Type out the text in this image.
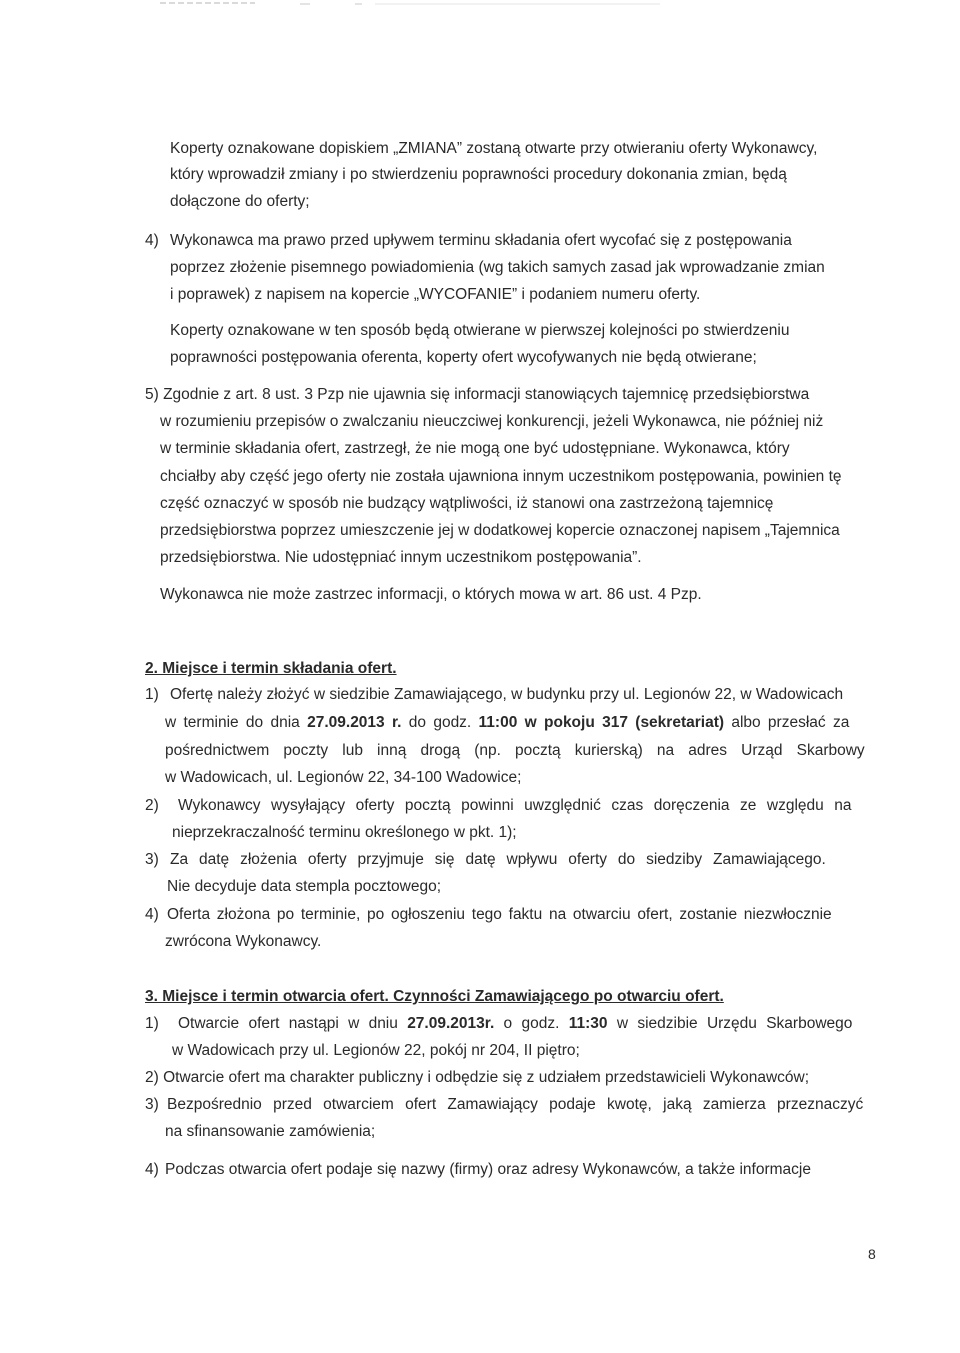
Koperty oznakowane dopiskiem „ZMIANA” zostaną otwarte przy otwieraniu oferty Wykonawcy,
który wprowadził zmiany i po stwierdzeniu poprawności procedury dokonania zmian, będą
dołączone do oferty;
4) Wykonawca ma prawo przed upływem terminu składania ofert wycofać się z postępowania
poprzez złożenie pisemnego powiadomienia (wg takich samych zasad jak wprowadzanie zmian
i poprawek) z napisem na kopercie „WYCOFANIE” i podaniem numeru oferty.
Koperty oznakowane w ten sposób będą otwierane w pierwszej kolejności po stwierdzeniu
poprawności postępowania oferenta, koperty ofert wycofywanych nie będą otwierane;
5) Zgodnie z art. 8 ust. 3 Pzp nie ujawnia się informacji stanowiących tajemnicę przedsiębiorstwa
w rozumieniu przepisów o zwalczaniu nieuczciwej konkurencji, jeżeli Wykonawca, nie później niż
w terminie składania ofert, zastrzegł, że nie mogą one być udostępniane. Wykonawca, który
chciałby aby część jego oferty nie została ujawniona innym uczestnikom postępowania, powinien tę
część oznaczyć w sposób nie budzący wątpliwości, iż stanowi ona zastrzeżoną tajemnicę
przedsiębiorstwa poprzez umieszczenie jej w dodatkowej kopercie oznaczonej napisem „Tajemnica
przedsiębiorstwa. Nie udostępniać innym uczestnikom postępowania”.
Wykonawca nie może zastrzec informacji, o których mowa w art. 86 ust. 4 Pzp.
2. Miejsce i termin składania ofert.
1) Ofertę należy złożyć w siedzibie Zamawiającego, w budynku przy ul. Legionów 22, w Wadowicach
w terminie do dnia 27.09.2013 r. do godz. 11:00 w pokoju 317 (sekretariat) albo przesłać za
pośrednictwem poczty lub inną drogą (np. pocztą kurierską) na adres Urząd Skarbowy
w Wadowicach, ul. Legionów 22, 34-100 Wadowice;
2) Wykonawcy wysyłający oferty pocztą powinni uwzględnić czas doręczenia ze względu na
nieprzekraczalność terminu określonego w pkt. 1);
3) Za datę złożenia oferty przyjmuje się datę wpływu oferty do siedziby Zamawiającego.
Nie decyduje data stempla pocztowego;
4) Oferta złożona po terminie, po ogłoszeniu tego faktu na otwarciu ofert, zostanie niezwłocznie
zwrócona Wykonawcy.
3. Miejsce i termin otwarcia ofert. Czynności Zamawiającego po otwarciu ofert.
1) Otwarcie ofert nastąpi w dniu 27.09.2013r. o godz. 11:30 w siedzibie Urzędu Skarbowego
w Wadowicach przy ul. Legionów 22, pokój nr 204, II piętro;
2) Otwarcie ofert ma charakter publiczny i odbędzie się z udziałem przedstawicieli Wykonawców;
3) Bezpośrednio przed otwarciem ofert Zamawiający podaje kwotę, jaką zamierza przeznaczyć
na sfinansowanie zamówienia;
4) Podczas otwarcia ofert podaje się nazwy (firmy) oraz adresy Wykonawców, a także informacje
8
